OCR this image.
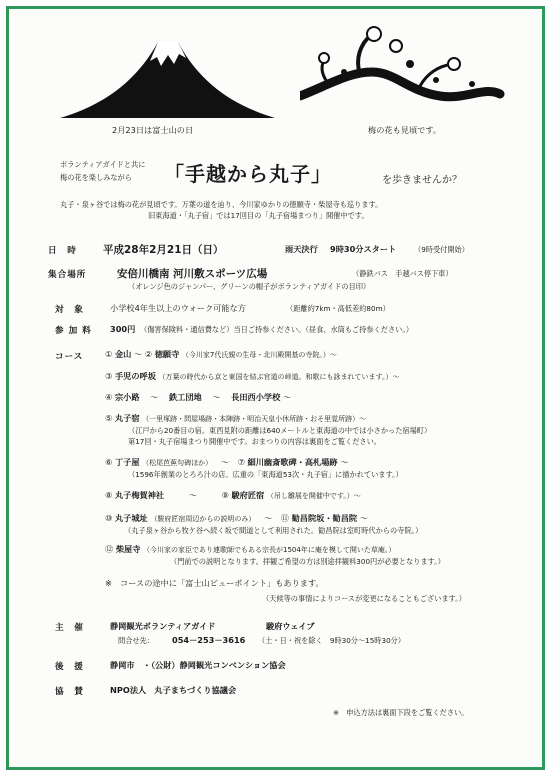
2月23日は富士山の日	梅の花も見頃です。
ボランティアガイドと共に
梅の花を楽しみながら 「手越から丸子」	を歩きませんか？
丸子・泉ヶ谷では梅の花が見頃です。万葉の道を辿り、今川家ゆかりの徳願寺・柴屋寺も巡ります。
旧東海道・「丸子宿」では17回目の「丸子宿場まつり」開催中です。
日　時 平成28年2月21日（日）	雨天決行 9時30分スタート （9時受付開始）
集合場所	安倍川橋南 河川敷スポーツ広場	（静鉄バス　手越バス停下車）
（オレンジ色のジャンパー、グリーンの帽子がボランティアガイドの目印）
対　象	小学校4年生以上のウォーク可能な方	（距離約7km・高低差約80m）
参 加 料 300円 （傷害保険料・通信費など）当日ご持参ください。（昼食、水筒もご持参ください。）
コース	① 金山 ～ ② 徳願寺 （今川家7代氏親の生母・北川殿開基の寺院。）～
③ 手児の呼坂 （万葉の時代から京と東国を結ぶ官道の峠道。和歌にも詠まれています。）～
④ 宗小路 ～ 鉄工団地 ～ 長田西小学校 ～
⑤ 丸子宿 （一里塚跡・問屋場跡・本陣跡・明治天皇小休所跡・おそ里覚所跡）～
（江戸から20番目の宿。東西見附の距離は640メートルと東海道の中では小さかった宿場町）
第17回・丸子宿場まつり開催中です。おまつりの内容は裏面をご覧ください。
⑥ 丁子屋 （松尾芭蕉句碑ほか） ～ ⑦ 細川幽斎歌碑・高札場跡 ～
（1596年創業のとろろ汁の店。広重の「東海道53次・丸子宿」に描かれています。）
⑧ 丸子梅賀神社	～	⑨ 駿府匠宿 （吊し雛展を開催中です。）～
⑩ 丸子城址 （駿府匠宿周辺からの説明のみ） ～ ⑪ 勧昌院坂・勧昌院 ～
（丸子泉ヶ谷から牧ケ谷へ続く坂で間道として利用された。勧昌院は室町時代からの寺院。）
⑫ 柴屋寺 （今川家の家臣であり連歌師でもある宗長が1504年に庵を模して開いた草庵。）
（門前での説明となります。拝観ご希望の方は別途拝観料300円が必要となります。）
※　コースの途中に「富士山ビューポイント」もあります。
（天候等の事情によりコースが変更になることもございます。）
主　催	静岡観光ボランティアガイド	駿府ウェイブ
問合せ先： 054－253－3616 （土・日・祝を除く　9時30分～15時30分）
後　援	静岡市　・（公財）静岡観光コンベンション協会
協　賛	NPO法人　丸子まちづくり協議会
※　申込方法は裏面下段をご覧ください。
